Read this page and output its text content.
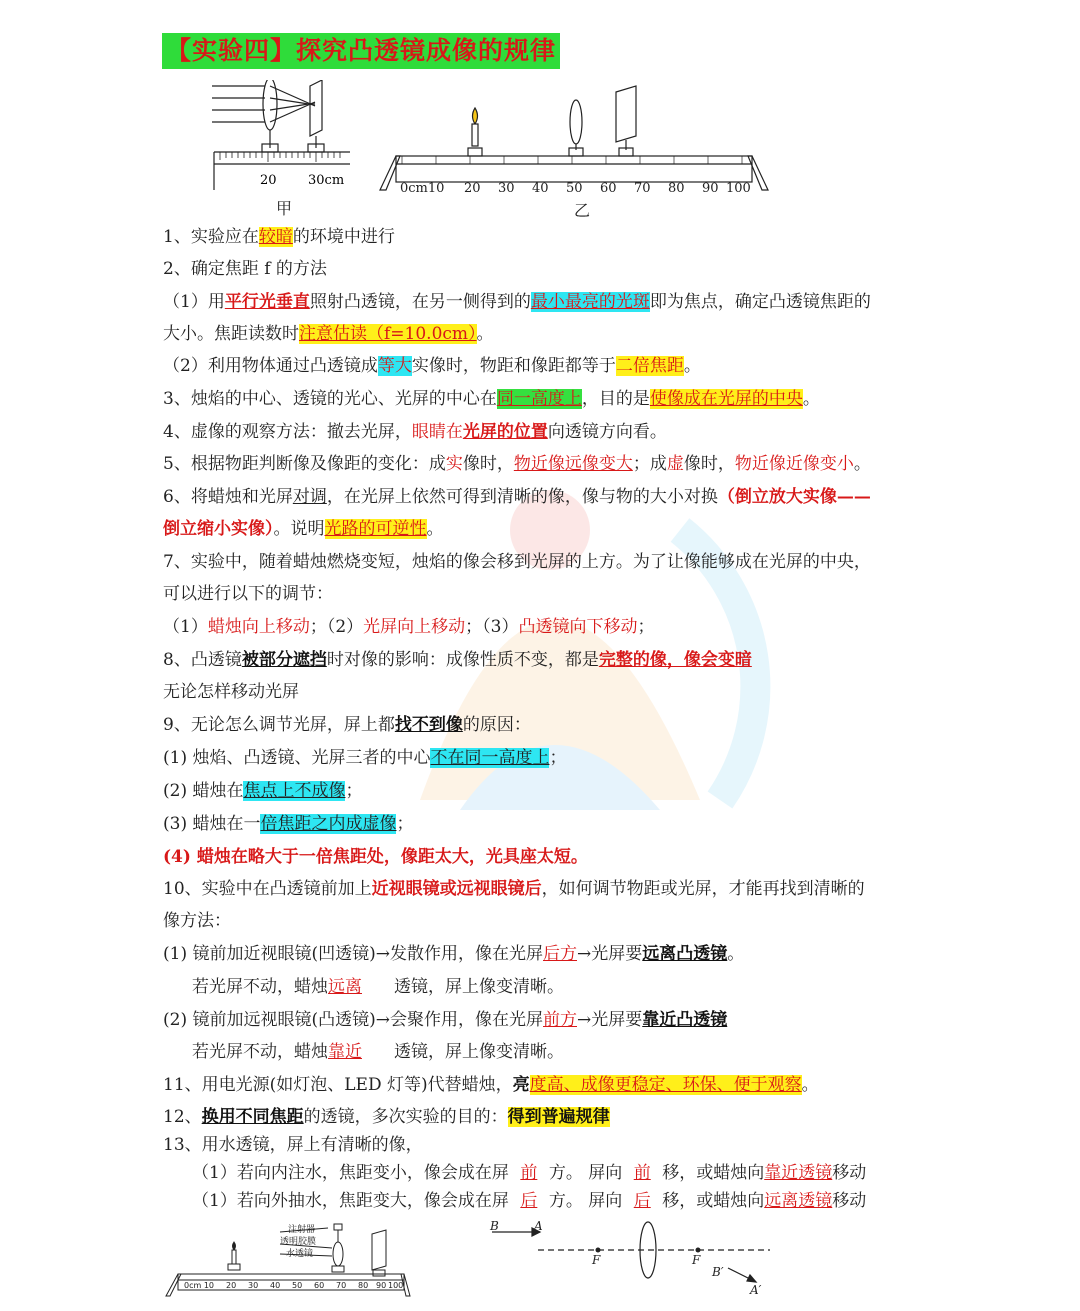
【实验四】探究凸透镜成像的规律
20 30cm
甲
0cm10 20 30 40 50 60 70 80 90 100
乙
1、实验应在较暗的环境中进行
2、确定焦距 f 的方法
（1）用平行光垂直照射凸透镜，在另一侧得到的最小最亮的光斑即为焦点，确定凸透镜焦距的
大小。焦距读数时注意估读（f=10.0cm）。
（2）利用物体通过凸透镜成等大实像时，物距和像距都等于二倍焦距。
3、烛焰的中心、透镜的光心、光屏的中心在同一高度上，目的是使像成在光屏的中央。
4、虚像的观察方法：撤去光屏，眼睛在光屏的位置向透镜方向看。
5、根据物距判断像及像距的变化：成实像时，物近像远像变大；成虚像时，物近像近像变小。
6、将蜡烛和光屏对调，在光屏上依然可得到清晰的像，像与物的大小对换（倒立放大实像——
倒立缩小实像）。说明光路的可逆性。
7、实验中，随着蜡烛燃烧变短，烛焰的像会移到光屏的上方。为了让像能够成在光屏的中央，
可以进行以下的调节：
（1）蜡烛向上移动；（2）光屏向上移动；（3）凸透镜向下移动；
8、凸透镜被部分遮挡时对像的影响：成像性质不变，都是完整的像，像会变暗
无论怎样移动光屏
9、无论怎么调节光屏，屏上都找不到像的原因：
(1) 烛焰、凸透镜、光屏三者的中心不在同一高度上；
(2) 蜡烛在焦点上不成像；
(3) 蜡烛在一倍焦距之内成虚像；
(4) 蜡烛在略大于一倍焦距处，像距太大，光具座太短。
10、实验中在凸透镜前加上近视眼镜或远视眼镜后，如何调节物距或光屏，才能再找到清晰的
像方法：
(1) 镜前加近视眼镜(凹透镜)→发散作用，像在光屏后方→光屏要远离凸透镜。
若光屏不动，蜡烛远离 透镜，屏上像变清晰。
(2) 镜前加远视眼镜(凸透镜)→会聚作用，像在光屏前方→光屏要靠近凸透镜
若光屏不动，蜡烛靠近 透镜，屏上像变清晰。
11、用电光源(如灯泡、LED 灯等)代替蜡烛，亮度高、成像更稳定、环保、便于观察。
12、换用不同焦距的透镜，多次实验的目的：得到普遍规律
13、用水透镜，屏上有清晰的像，
（1）若向内注水，焦距变小，像会成在屏 前 方。 屏向 前 移，或蜡烛向靠近透镜移动
（1）若向外抽水，焦距变大，像会成在屏 后 方。 屏向 后 移，或蜡烛向远离透镜移动
注射器
透明胶膜
水透镜
0cm 10 20 30 40 50 60 70 80 90 100
B	A
F	F
B′
A′
